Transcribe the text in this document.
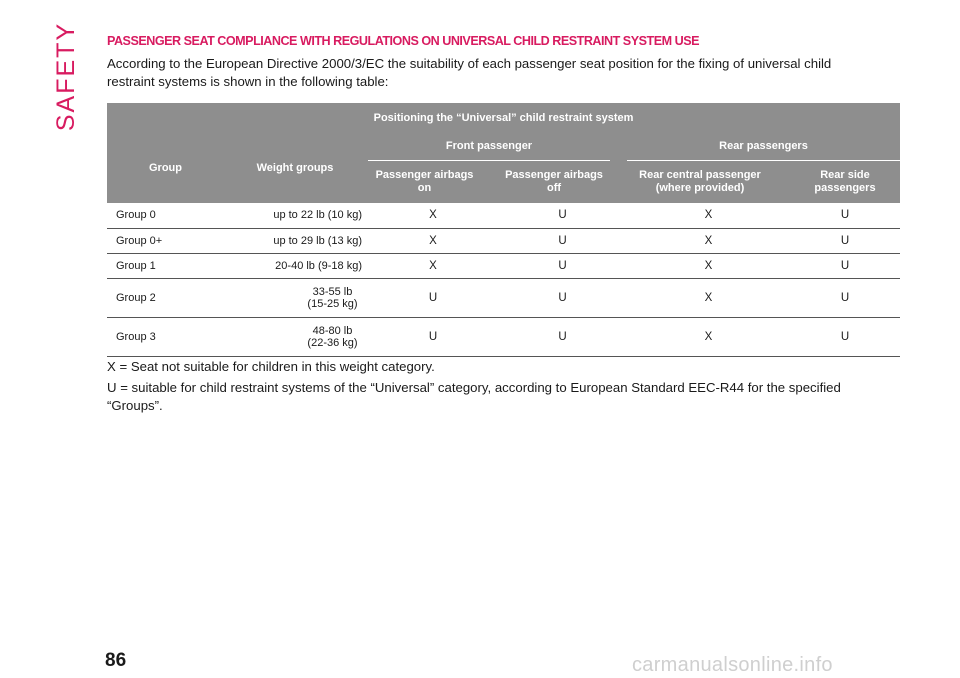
SAFETY PASSENGER SEAT COMPLIANCE WITH REGULATIONS ON UNIVERSAL CHILD RESTRAINT SYSTEM USE

According to the European Directive 2000/3/EC the suitability of each passenger seat position for the fixing of universal child restraint systems is shown in the following table:

Positioning the “Universal” child restraint system										
Group		Weight groups		Front passenger				Rear passengers		
				Passenger airbags on		Passenger airbags off		Rear central passenger (where provided)		Rear side passengers
Group 0		up to 22 lb (10 kg)		X		U		X		U
Group 0+		up to 29 lb (13 kg)		X		U		X		U
Group 1		20-40 lb (9-18 kg)		X		U		X		U
Group 2		33-55 lb
(15-25 kg)		U		U		X		U
Group 3		48-80 lb
(22-36 kg)		U		U		X		U

X = Seat not suitable for children in this weight category.

U = suitable for child restraint systems of the “Universal” category, according to European Standard EEC-R44 for the specified “Groups”.

86	carmanualsonline.info
